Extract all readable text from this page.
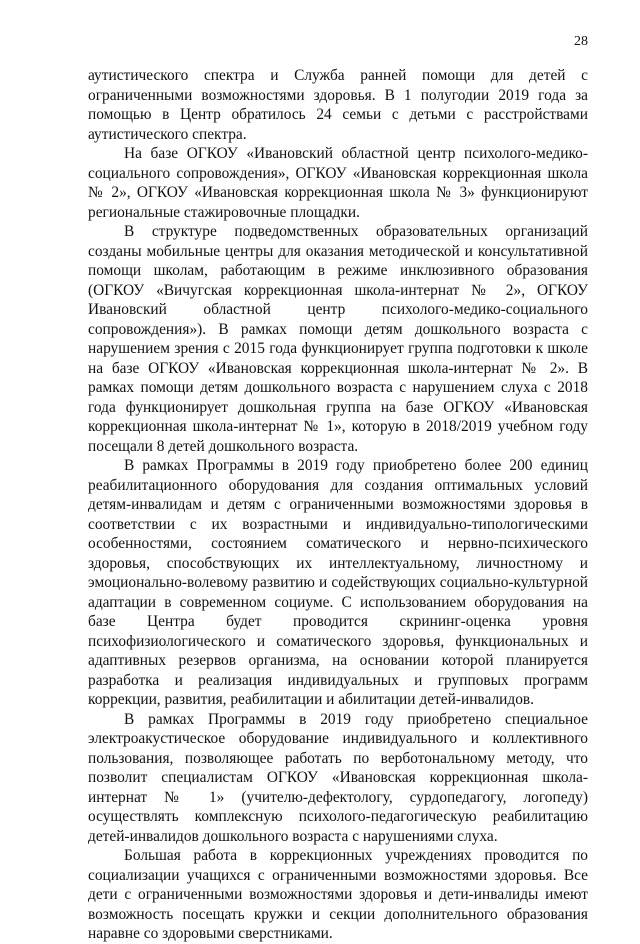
28

аутистического спектра и Служба ранней помощи для детей с ограниченными возможностями здоровья. В 1 полугодии 2019 года за помощью в Центр обратилось 24 семьи с детьми с расстройствами аутистического спектра.

На базе ОГКОУ «Ивановский областной центр психолого-медико-социального сопровождения», ОГКОУ «Ивановская коррекционная школа № 2», ОГКОУ «Ивановская коррекционная школа № 3» функционируют региональные стажировочные площадки.

В структуре подведомственных образовательных организаций созданы мобильные центры для оказания методической и консультативной помощи школам, работающим в режиме инклюзивного образования (ОГКОУ «Вичугская коррекционная школа-интернат № 2», ОГКОУ Ивановский областной центр психолого-медико-социального сопровождения»). В рамках помощи детям дошкольного возраста с нарушением зрения с 2015 года функционирует группа подготовки к школе на базе ОГКОУ «Ивановская коррекционная школа-интернат № 2». В рамках помощи детям дошкольного возраста с нарушением слуха с 2018 года функционирует дошкольная группа на базе ОГКОУ «Ивановская коррекционная школа-интернат № 1», которую в 2018/2019 учебном году посещали 8 детей дошкольного возраста.

В рамках Программы в 2019 году приобретено более 200 единиц реабилитационного оборудования для создания оптимальных условий детям-инвалидам и детям с ограниченными возможностями здоровья в соответствии с их возрастными и индивидуально-типологическими особенностями, состоянием соматического и нервно-психического здоровья, способствующих их интеллектуальному, личностному и эмоционально-волевому развитию и содействующих социально-культурной адаптации в современном социуме. С использованием оборудования на базе Центра будет проводится скрининг-оценка уровня психофизиологического и соматического здоровья, функциональных и адаптивных резервов организма, на основании которой планируется разработка и реализация индивидуальных и групповых программ коррекции, развития, реабилитации и абилитации детей-инвалидов.

В рамках Программы в 2019 году приобретено специальное электроакустическое оборудование индивидуального и коллективного пользования, позволяющее работать по верботональному методу, что позволит специалистам ОГКОУ «Ивановская коррекционная школа-интернат № 1» (учителю-дефектологу, сурдопедагогу, логопеду) осуществлять комплексную психолого-педагогическую реабилитацию детей-инвалидов дошкольного возраста с нарушениями слуха.

Большая работа в коррекционных учреждениях проводится по социализации учащихся с ограниченными возможностями здоровья. Все дети с ограниченными возможностями здоровья и дети-инвалиды имеют возможность посещать кружки и секции дополнительного образования наравне со здоровыми сверстниками.
